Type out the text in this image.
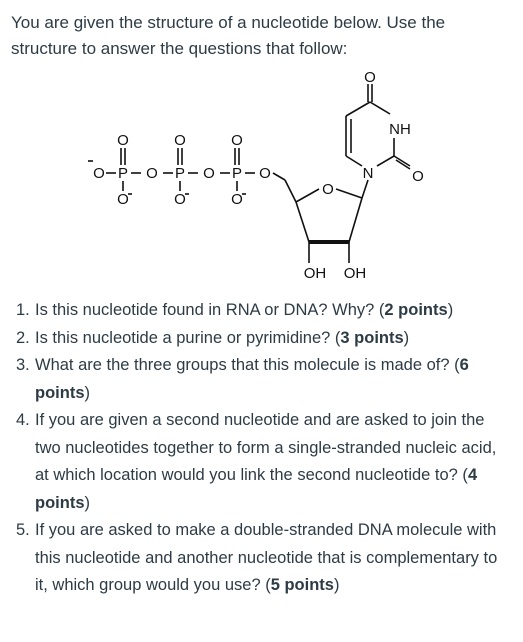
You are given the structure of a nucleotide below. Use the structure to answer the questions that follow:

O P O P O P O
O	O	O
O	O	O
O
OH OH
O
NH
N	O
1. Is this nucleotide found in RNA or DNA? Why? (2 points)
2. Is this nucleotide a purine or pyrimidine? (3 points)
3. What are the three groups that this molecule is made of? (6 points)
4. If you are given a second nucleotide and are asked to join the two nucleotides together to form a single-stranded nucleic acid, at which location would you link the second nucleotide to? (4 points)
5. If you are asked to make a double-stranded DNA molecule with this nucleotide and another nucleotide that is complementary to it, which group would you use? (5 points)
